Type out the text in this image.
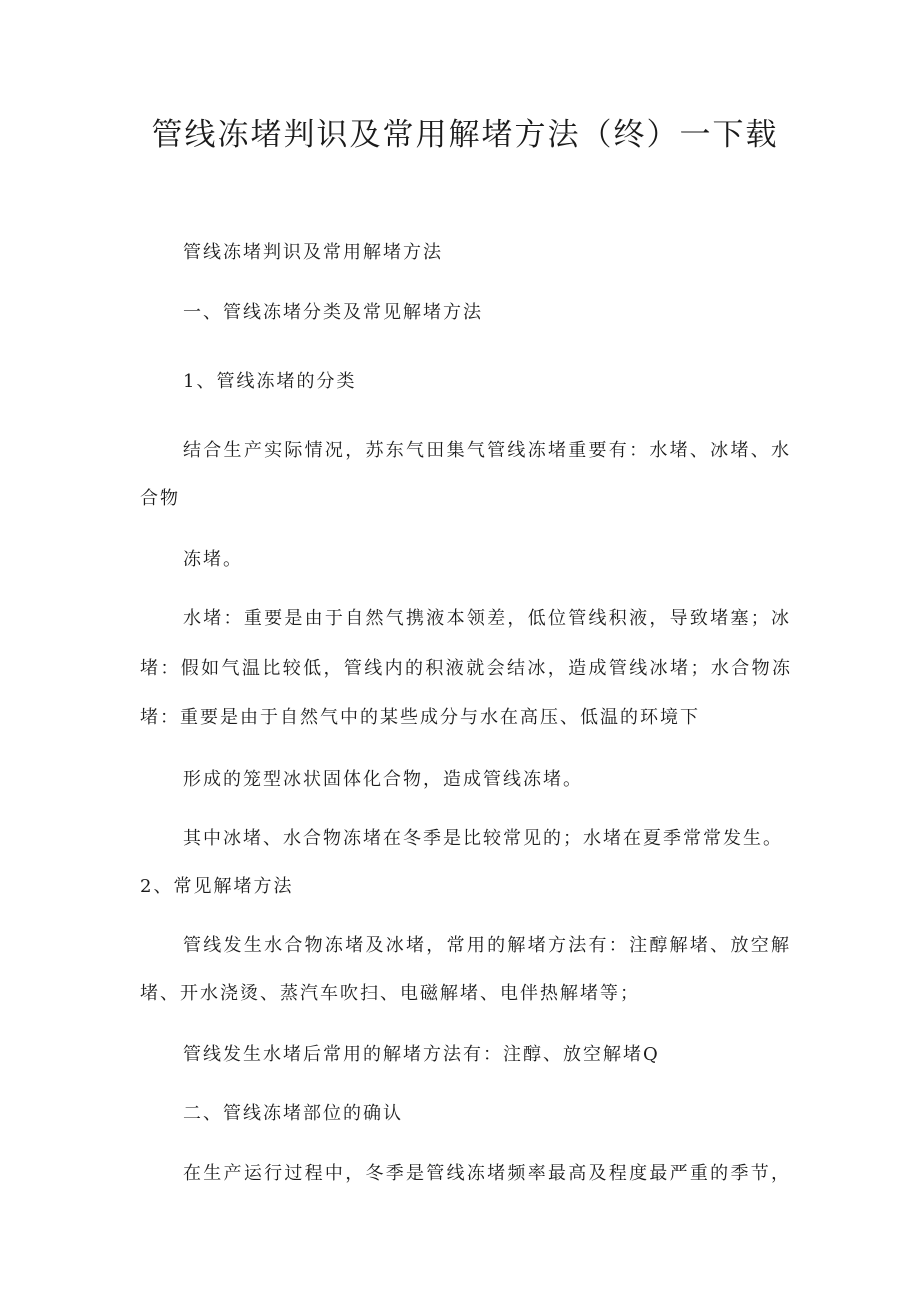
管线冻堵判识及常用解堵方法（终）一下载

管线冻堵判识及常用解堵方法

一、管线冻堵分类及常见解堵方法

1、管线冻堵的分类

结合生产实际情况，苏东气田集气管线冻堵重要有：水堵、冰堵、水

合物

冻堵。

水堵：重要是由于自然气携液本领差，低位管线积液，导致堵塞；冰

堵：假如气温比较低，管线内的积液就会结冰，造成管线冰堵；水合物冻

堵：重要是由于自然气中的某些成分与水在高压、低温的环境下

形成的笼型冰状固体化合物，造成管线冻堵。

其中冰堵、水合物冻堵在冬季是比较常见的；水堵在夏季常常发生。

2、常见解堵方法

管线发生水合物冻堵及冰堵，常用的解堵方法有：注醇解堵、放空解

堵、开水浇烫、蒸汽车吹扫、电磁解堵、电伴热解堵等；

管线发生水堵后常用的解堵方法有：注醇、放空解堵Q

二、管线冻堵部位的确认

在生产运行过程中，冬季是管线冻堵频率最高及程度最严重的季节，
